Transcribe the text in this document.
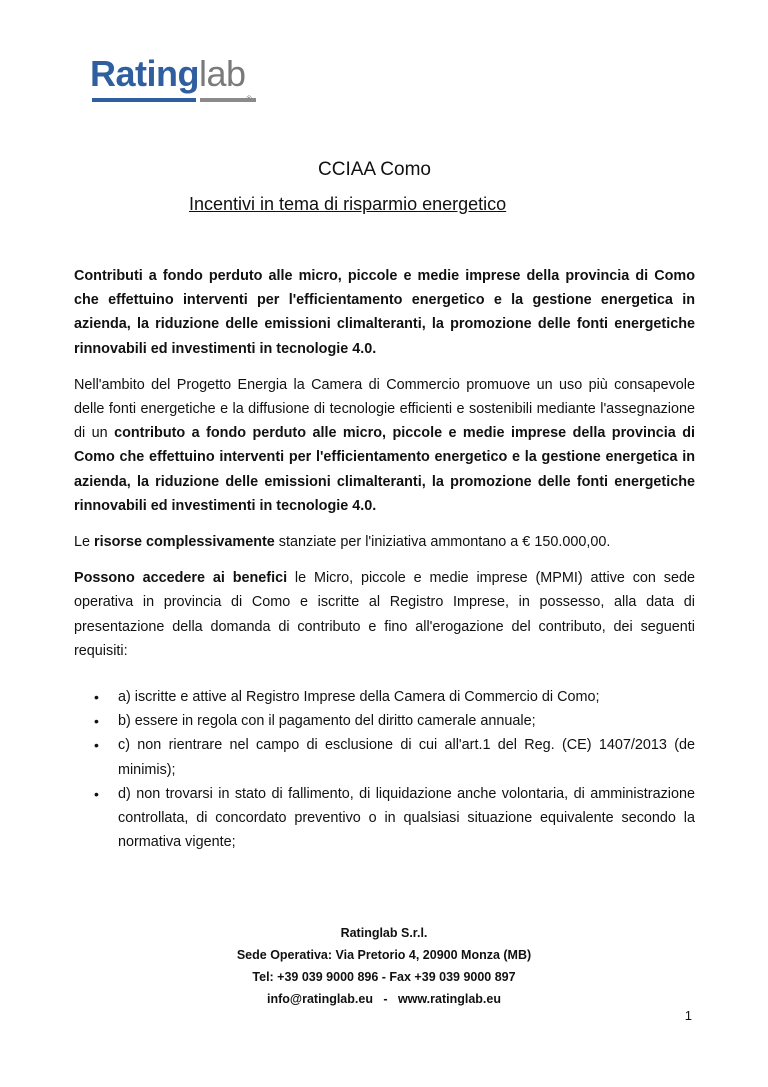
Ratinglab
CCIAA Como
Incentivi in tema di risparmio energetico

Contributi a fondo perduto alle micro, piccole e medie imprese della provincia di Como che effettuino interventi per l'efficientamento energetico e la gestione energetica in azienda, la riduzione delle emissioni climalteranti, la promozione delle fonti energetiche rinnovabili ed investimenti in tecnologie 4.0.

Nell'ambito del Progetto Energia la Camera di Commercio promuove un uso più consapevole delle fonti energetiche e la diffusione di tecnologie efficienti e sostenibili mediante l'assegnazione di un contributo a fondo perduto alle micro, piccole e medie imprese della provincia di Como che effettuino interventi per l'efficientamento energetico e la gestione energetica in azienda, la riduzione delle emissioni climalteranti, la promozione delle fonti energetiche rinnovabili ed investimenti in tecnologie 4.0.

Le risorse complessivamente stanziate per l'iniziativa ammontano a € 150.000,00.

Possono accedere ai benefici le Micro, piccole e medie imprese (MPMI) attive con sede operativa in provincia di Como e iscritte al Registro Imprese, in possesso, alla data di presentazione della domanda di contributo e fino all'erogazione del contributo, dei seguenti requisiti:

• a) iscritte e attive al Registro Imprese della Camera di Commercio di Como;
• b) essere in regola con il pagamento del diritto camerale annuale;
• c) non rientrare nel campo di esclusione di cui all'art.1 del Reg. (CE) 1407/2013 (de minimis);
• d) non trovarsi in stato di fallimento, di liquidazione anche volontaria, di amministrazione controllata, di concordato preventivo o in qualsiasi situazione equivalente secondo la normativa vigente;
Ratinglab S.r.l.
Sede Operativa: Via Pretorio 4, 20900 Monza (MB)
Tel: +39 039 9000 896 - Fax +39 039 9000 897
info@ratinglab.eu   -   www.ratinglab.eu
1
